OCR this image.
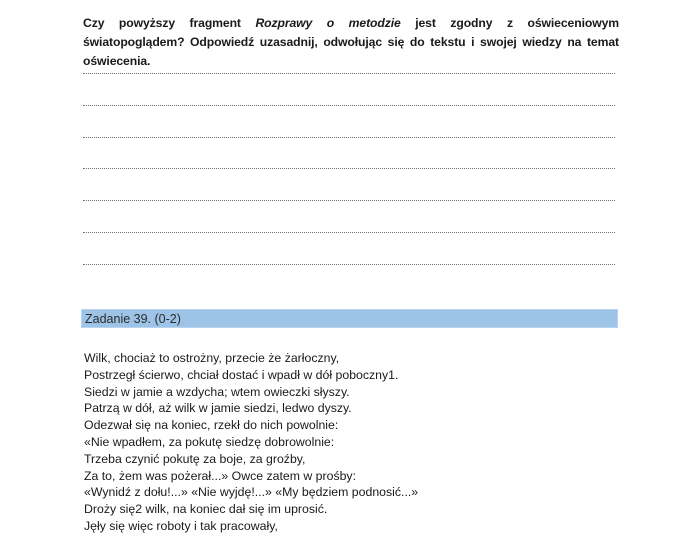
Czy powyższy fragment Rozprawy o metodzie jest zgodny z oświeceniowym światopoglądem? Odpowiedź uzasadnij, odwołując się do tekstu i swojej wiedzy na temat oświecenia.

Zadanie 39. (0-2)
Wilk, chociaż to ostrożny, przecie że żarłoczny,
Postrzegł ścierwo, chciał dostać i wpadł w dół poboczny1.
Siedzi w jamie a wzdycha; wtem owieczki słyszy.
Patrzą w dół, aż wilk w jamie siedzi, ledwo dyszy.
Odezwał się na koniec, rzekł do nich powolnie:
«Nie wpadłem, za pokutę siedzę dobrowolnie:
Trzeba czynić pokutę za boje, za groźby,
Za to, żem was pożerał...» Owce zatem w prośby:
«Wynidź z dołu!...» «Nie wyjdę!...» «My będziem podnosić...»
Droży się2 wilk, na koniec dał się im uprosić.
Jęły się więc roboty i tak pracowały,
